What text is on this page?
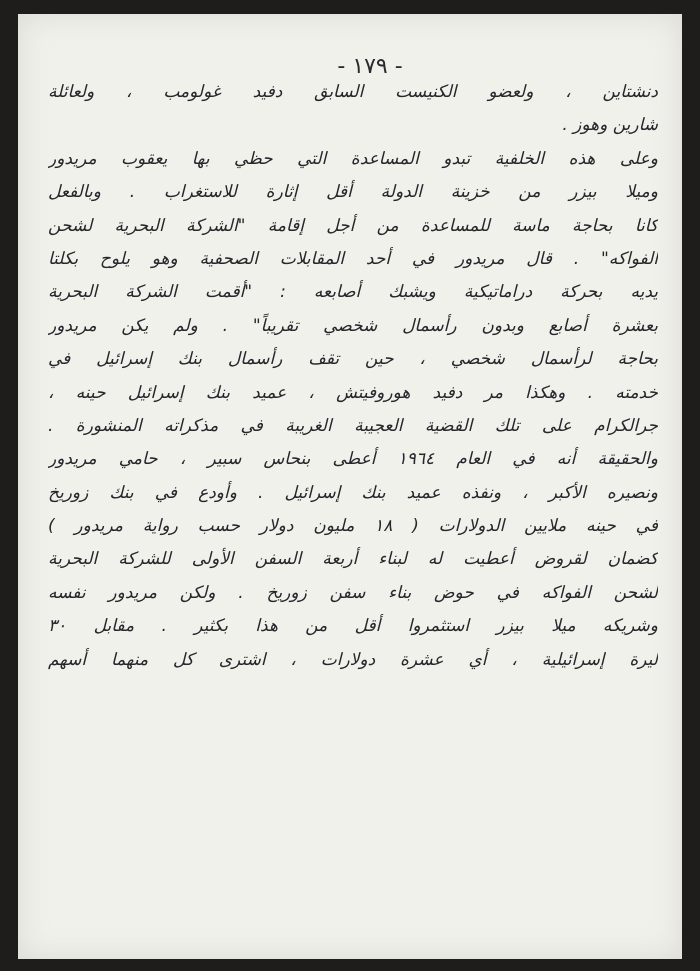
- ١٧٩ -
دنشتاين ، ولعضو الكنيست السابق دفيد غولومب ، ولعائلة
شارين وهوز .
وعلى هذه الخلفية تبدو المساعدة التي حظي بها يعقوب مريدور
وميلا بيزر من خزينة الدولة أقل إثارة للاستغراب . وبالفعل
كانا بحاجة ماسة للمساعدة من أجل إقامة "الشركة البحرية لشحن
الفواكه" . قال مريدور في أحد المقابلات الصحفية وهو يلوح بكلتا
يديه بحركة دراماتيكية ويشبك أصابعه : "أقمت الشركة البحرية
بعشرة أصابع وبدون رأسمال شخصي تقريباً" . ولم يكن مريدور
بحاجة لرأسمال شخصي ، حين تقف رأسمال بنك إسرائيل في
خدمته . وهكذا مر دفيد هوروفيتش ، عميد بنك إسرائيل حينه ،
جرالكرام على تلك القضية العجيبة الغريبة في مذكراته المنشورة .
والحقيقة أنه في العام ١٩٦٤ أعطى بنحاس سبير ، حامي مريدور
ونصيره الأكبر ، ونفذه عميد بنك إسرائيل . وأودع في بنك زوريخ
في حينه ملايين الدولارات ( ١٨ مليون دولار حسب رواية مريدور )
كضمان لقروض أعطيت له لبناء أربعة السفن الأولى للشركة البحرية
لشحن الفواكه في حوض بناء سفن زوريخ . ولكن مريدور نفسه
وشريكه ميلا بيزر استثمروا أقل من هذا بكثير . مقابل ٣٠
ليرة إسرائيلية ، أي عشرة دولارات ، اشترى كل منهما أسهم
